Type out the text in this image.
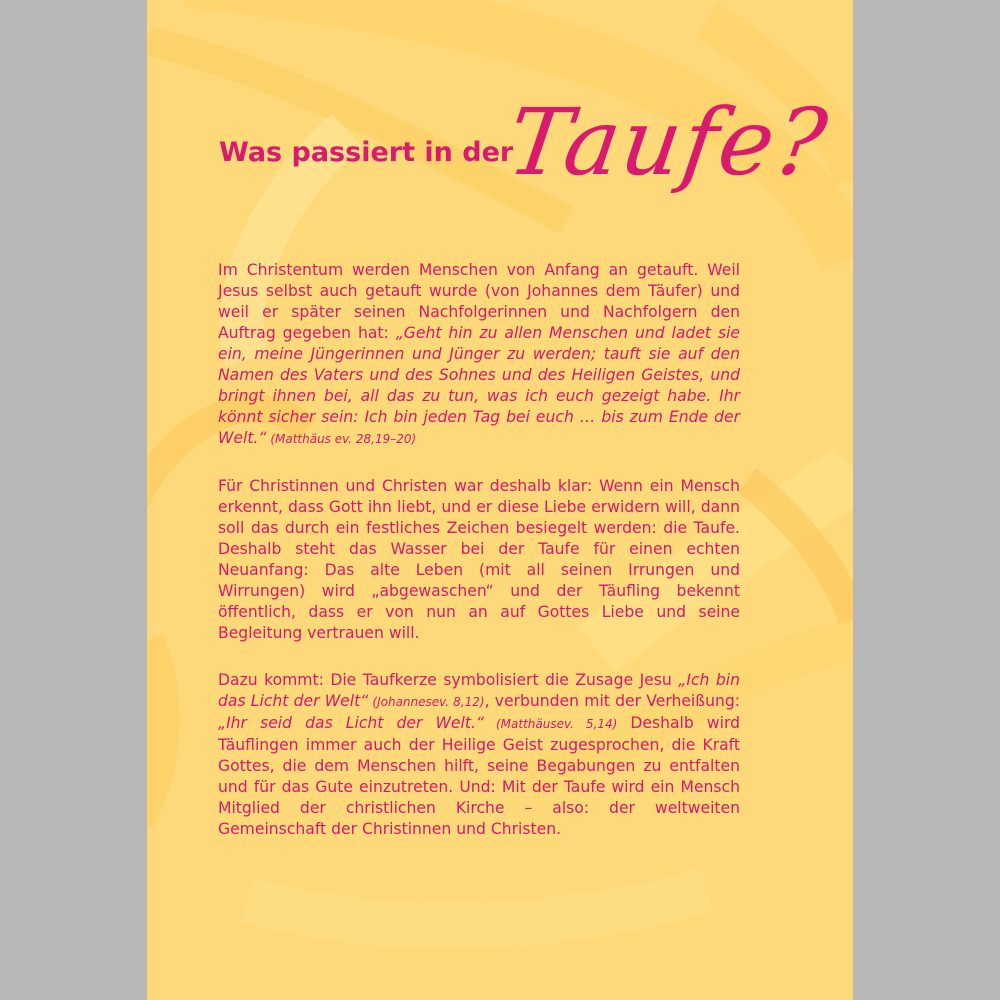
Was passiert in der
Taufe?

Im Christentum werden Menschen von Anfang an getauft. Weil Jesus selbst auch getauft wurde (von Johannes dem Täufer) und weil er später seinen Nachfolgerinnen und Nachfolgern den Auftrag gegeben hat: „Geht hin zu allen Menschen und ladet sie ein, meine Jüngerinnen und Jünger zu werden; tauft sie auf den Namen des Vaters und des Sohnes und des Heiligen Geistes, und bringt ihnen bei, all das zu tun, was ich euch gezeigt habe. Ihr könnt sicher sein: Ich bin jeden Tag bei euch … bis zum Ende der Welt.“ (Matthäus ev. 28,19–20)

Für Christinnen und Christen war deshalb klar: Wenn ein Mensch erkennt, dass Gott ihn liebt, und er diese Liebe erwidern will, dann soll das durch ein festliches Zeichen besiegelt werden: die Taufe. Deshalb steht das Wasser bei der Taufe für einen echten Neuanfang: Das alte Leben (mit all seinen Irrungen und Wirrungen) wird „abgewaschen“ und der Täufling bekennt öffentlich, dass er von nun an auf Gottes Liebe und seine Begleitung vertrauen will.

Dazu kommt: Die Taufkerze symbolisiert die Zusage Jesu „Ich bin das Licht der Welt“ (Johannesev. 8,12), verbunden mit der Verheißung: „Ihr seid das Licht der Welt.“ (Matthäusev. 5,14) Deshalb wird Täuflingen immer auch der Heilige Geist zugesprochen, die Kraft Gottes, die dem Menschen hilft, seine Begabungen zu entfalten und für das Gute einzutreten. Und: Mit der Taufe wird ein Mensch Mitglied der christlichen Kirche – also: der weltweiten Gemeinschaft der Christinnen und Christen.
